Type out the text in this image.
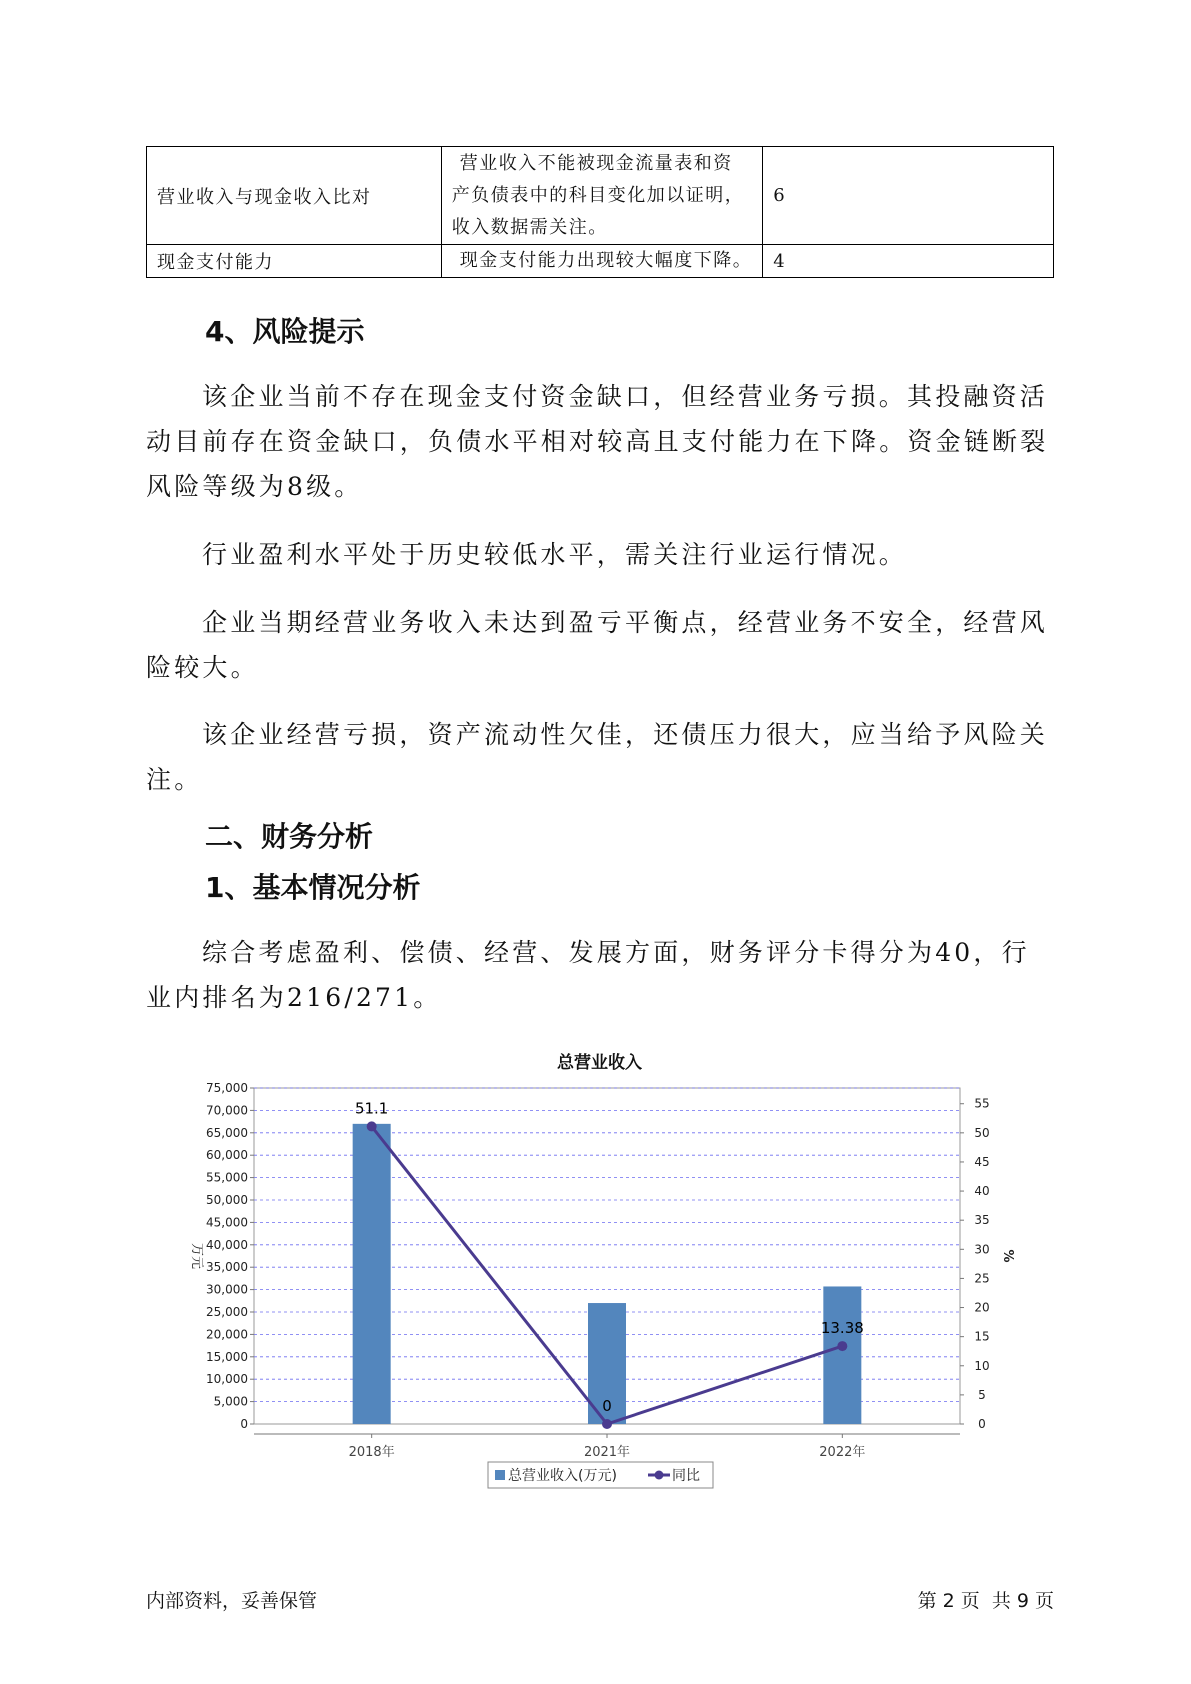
营业收入与现金收入比对	营业收入不能被现金流量表和资
产负债表中的科目变化加以证明，
收入数据需关注。	6
现金支付能力	现金支付能力出现较大幅度下降。	4
4、风险提示
该企业当前不存在现金支付资金缺口，但经营业务亏损。其投融资活动目前存在资金缺口，负债水平相对较高且支付能力在下降。资金链断裂风险等级为8级。
行业盈利水平处于历史较低水平，需关注行业运行情况。
企业当期经营业务收入未达到盈亏平衡点，经营业务不安全，经营风险较大。
该企业经营亏损，资产流动性欠佳，还债压力很大，应当给予风险关注。
二、财务分析
1、基本情况分析
综合考虑盈利、偿债、经营、发展方面，财务评分卡得分为40，行业内排名为216/271。
总营业收入
0
5,000
10,000
15,000
20,000
25,000
30,000
35,000
40,000
45,000
50,000
55,000
60,000
65,000
70,000
75,000
0
5
10
15
20
25
30
35
40
45
50
55
万元	%
2018年	2021年	2022年
51.1
0
13.38
总营业收入(万元)	同比
内部资料，妥善保管	第 2 页  共 9 页
